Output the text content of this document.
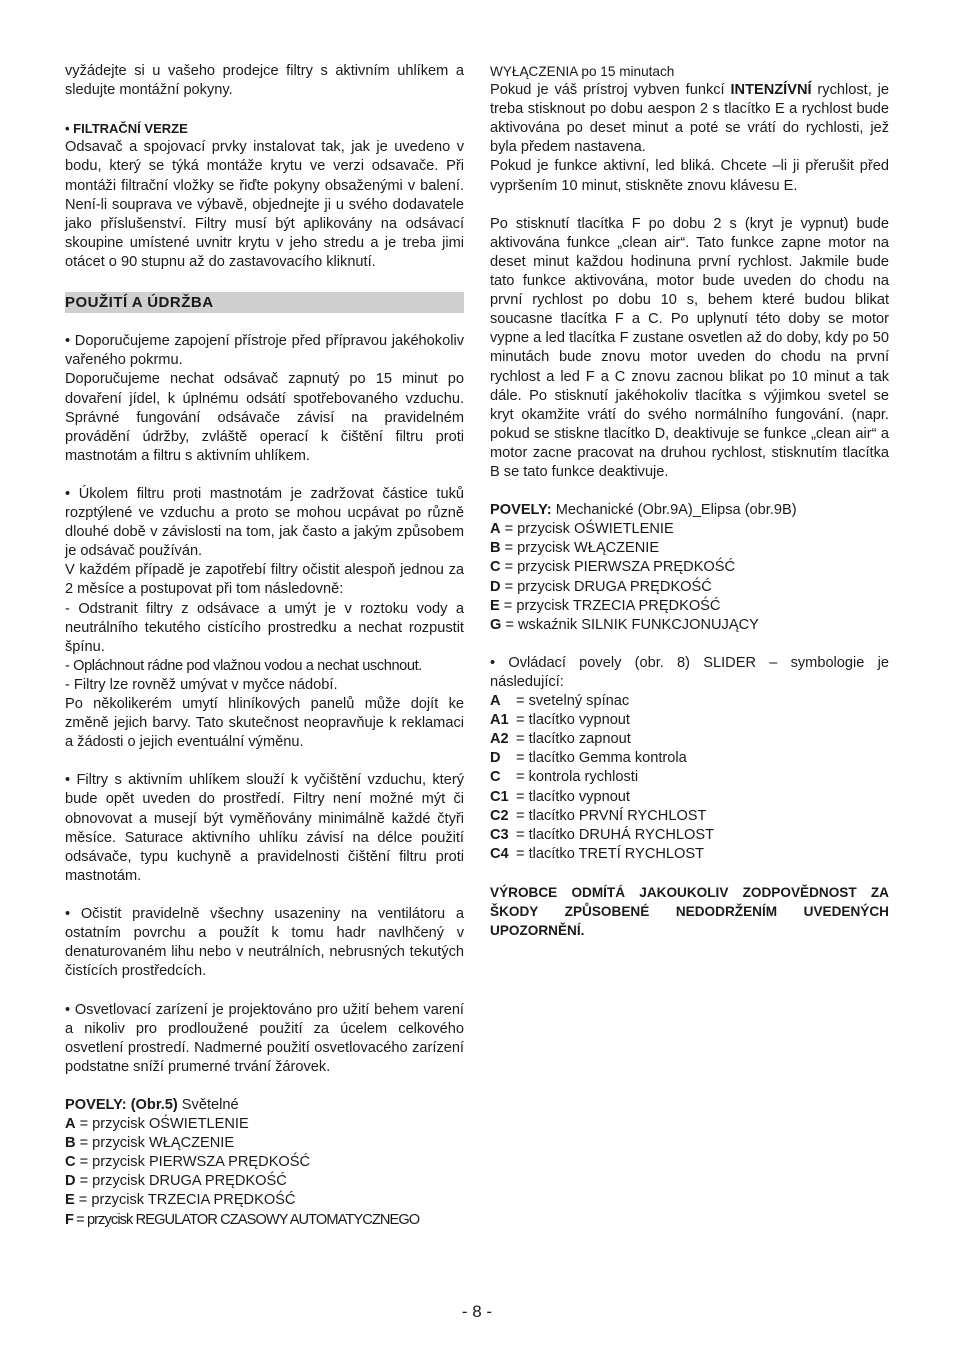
vyžádejte si u vašeho prodejce filtry s aktivním uhlíkem a sledujte montážní pokyny.

• FILTRAČNÍ VERZE

Odsavač a spojovací prvky instalovat tak, jak je uvedeno v bodu, který se týká montáže krytu ve verzi odsavače. Při montáži filtrační vložky se řiďte pokyny obsaženými v balení. Není-li souprava ve výbavě, objednejte ji u svého dodavatele jako příslušenství. Filtry musí být aplikovány na odsávací skoupine umístené uvnitr krytu v jeho stredu a je treba jimi otácet o 90 stupnu až do zastavovacího kliknutí.

POUŽITÍ A ÚDRŽBA

• Doporučujeme zapojení přístroje před přípravou jakéhokoliv vařeného pokrmu.

Doporučujeme nechat odsávač zapnutý po 15 minut po dovaření jídel, k úplnému odsátí spotřebovaného vzduchu. Správné fungování odsávače závisí na pravidelném provádění údržby, zvláště operací k čištění filtru proti mastnotám a filtru s aktivním uhlíkem.

• Úkolem filtru proti mastnotám je zadržovat částice tuků rozptýlené ve vzduchu a proto se mohou ucpávat po různě dlouhé době v závislosti na tom, jak často a jakým způsobem je odsávač používán.

V každém případě je zapotřebí filtry očistit alespoň jednou za 2 měsíce a postupovat při tom následovně:

- Odstranit filtry z odsávace a umýt je v roztoku vody a neutrálního tekutého cistícího prostredku a nechat rozpustit špínu.

- Opláchnout rádne pod vlažnou vodou a nechat uschnout.

- Filtry lze rovněž umývat v myčce nádobí.

Po několikerém umytí hliníkových panelů může dojít ke změně jejich barvy. Tato skutečnost neopravňuje k reklamaci a žádosti o jejich eventuální výměnu.

• Filtry s aktivním uhlíkem slouží k vyčištění vzduchu, který bude opět uveden do prostředí. Filtry není možné mýt či obnovovat a musejí být vyměňovány minimálně každé čtyři měsíce. Saturace aktivního uhlíku závisí na délce použití odsávače, typu kuchyně a pravidelnosti čištění filtru proti mastnotám.

• Očistit pravidelně všechny usazeniny na ventilátoru a ostatním povrchu a použít k tomu hadr navlhčený v denaturovaném lihu nebo v neutrálních, nebrusných tekutých čistících prostředcích.

• Osvetlovací zarízení je projektováno pro užití behem varení a nikoliv pro prodloužené použití za úcelem celkového osvetlení prostredí. Nadmerné použití osvetlovacého zarízení podstatne sníží prumerné trvání žárovek.

POVELY: (Obr.5) Světelné

A = przycisk OŚWIETLENIE

B = przycisk WŁĄCZENIE

C = przycisk PIERWSZA PRĘDKOŚĆ

D = przycisk DRUGA PRĘDKOŚĆ

E = przycisk TRZECIA PRĘDKOŚĆ

F = przycisk REGULATOR CZASOWY AUTOMATYCZNEGO

WYŁĄCZENIA po 15 minutach

Pokud je váš prístroj vybven funkcí INTENZÍVNÍ rychlost, je treba stisknout po dobu aespon 2 s tlacítko E a rychlost bude aktivována po deset minut a poté se vrátí do rychlosti, jež byla předem nastavena.

Pokud je funkce aktivní, led bliká. Chcete –li ji přerušit před vypršením 10 minut, stiskněte znovu klávesu E.

Po stisknutí tlacítka F po dobu 2 s (kryt je vypnut) bude aktivována funkce „clean air“. Tato funkce zapne motor na deset minut každou hodinuna první rychlost. Jakmile bude tato funkce aktivována, motor bude uveden do chodu na první rychlost po dobu 10 s, behem které budou blikat soucasne tlacítka F a C. Po uplynutí této doby se motor vypne a led tlacítka F zustane osvetlen až do doby, kdy po 50 minutách bude znovu motor uveden do chodu na první rychlost a led F a C znovu zacnou blikat po 10 minut a tak dále. Po stisknutí jakéhokoliv tlacítka s výjimkou svetel se kryt okamžite vrátí do svého normálního fungování. (napr. pokud se stiskne tlacítko D, deaktivuje se funkce „clean air“ a motor zacne pracovat na druhou rychlost, stisknutím tlacítka B se tato funkce deaktivuje.

POVELY: Mechanické (Obr.9A)_Elipsa (obr.9B)

A = przycisk OŚWIETLENIE

B = przycisk WŁĄCZENIE

C = przycisk PIERWSZA PRĘDKOŚĆ

D = przycisk DRUGA PRĘDKOŚĆ

E = przycisk TRZECIA PRĘDKOŚĆ

G = wskaźnik SILNIK FUNKCJONUJĄCY

• Ovládací povely (obr. 8) SLIDER – symbologie je následující:

A = svetelný spínac

A1 = tlacítko vypnout

A2 = tlacítko zapnout

D = tlacítko Gemma kontrola

C = kontrola rychlosti

C1 = tlacítko vypnout

C2 = tlacítko PRVNÍ RYCHLOST

C3 = tlacítko DRUHÁ RYCHLOST

C4 = tlacítko TRETÍ RYCHLOST

VÝROBCE ODMÍTÁ JAKOUKOLIV ZODPOVĚDNOST ZA ŠKODY ZPŮSOBENÉ NEDODRŽENÍM UVEDENÝCH UPOZORNĚNÍ.

- 8 -
